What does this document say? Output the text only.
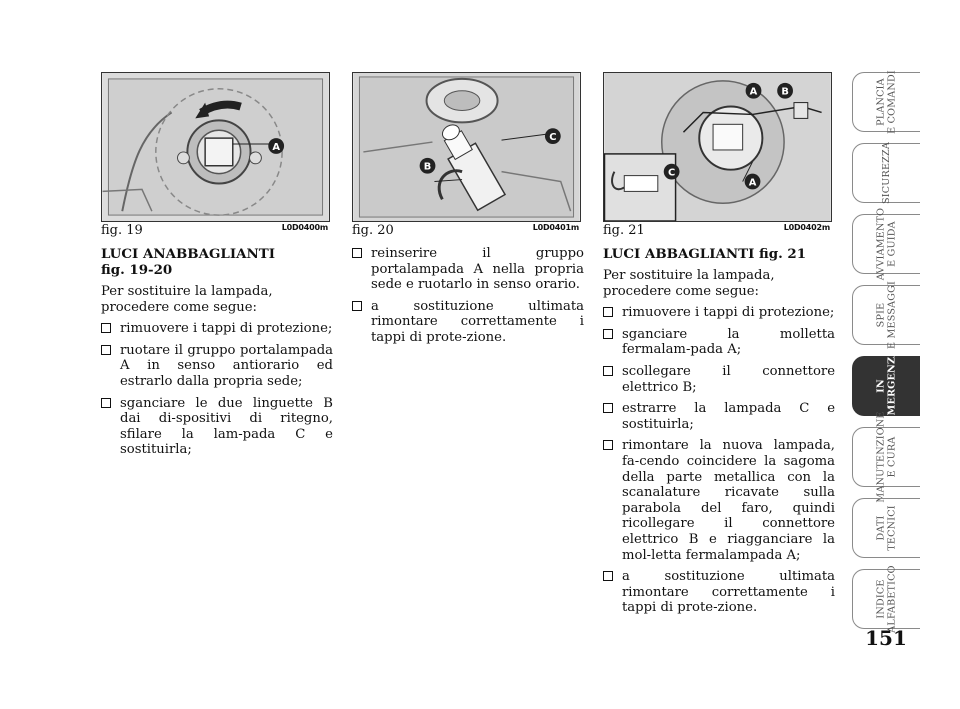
A
fig. 19	L0D0400m
C
B
fig. 20	L0D0401m
A B
C
A
fig. 21	L0D0402m
LUCI ANABBAGLIANTI
fig. 19-20

Per sostituire la lampada, procedere come segue:

rimuovere i tappi di protezione;
ruotare il gruppo portalampada A in senso antiorario ed estrarlo dalla propria sede;
sganciare le due linguette B dai di-spositivi di ritegno, sfilare la lam-pada C e sostituirla;
reinserire il gruppo portalampada A nella propria sede e ruotarlo in senso orario.
a sostituzione ultimata rimontare correttamente i tappi di prote-zione.
LUCI ABBAGLIANTI fig. 21

Per sostituire la lampada, procedere come segue:

rimuovere i tappi di protezione;
sganciare la molletta fermalam-pada A;
scollegare il connettore elettrico B;
estrarre la lampada C e sostituirla;
rimontare la nuova lampada, fa-cendo coincidere la sagoma della parte metallica con la scanalature ricavate sulla parabola del faro, quindi ricollegare il connettore elettrico B e riagganciare la mol-letta fermalampada A;
a sostituzione ultimata rimontare correttamente i tappi di prote-zione.
PLANCIA
E COMANDI
SICUREZZA
AVVIAMENTO
E GUIDA
SPIE
E MESSAGGI
IN
EMERGENZA
MANUTENZIONE
E CURA
DATI
TECNICI
INDICE
ALFABETICO
151
